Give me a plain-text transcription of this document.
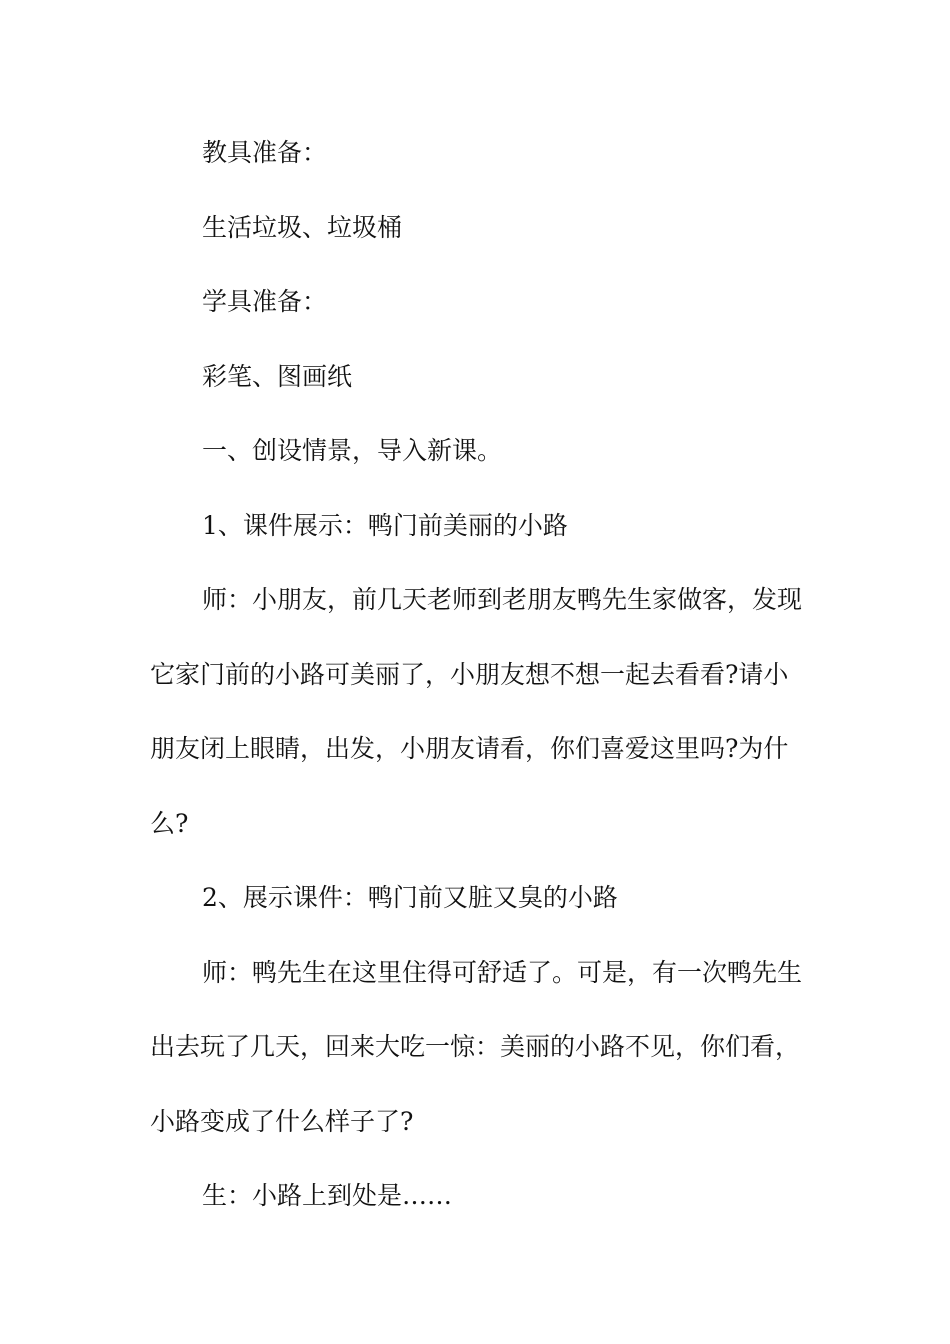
教具准备：

生活垃圾、垃圾桶

学具准备：

彩笔、图画纸

一、创设情景，导入新课。

1、课件展示：鸭门前美丽的小路

师：小朋友，前几天老师到老朋友鸭先生家做客，发现它家门前的小路可美丽了，小朋友想不想一起去看看?请小朋友闭上眼睛，出发，小朋友请看，你们喜爱这里吗?为什么?

2、展示课件：鸭门前又脏又臭的小路

师：鸭先生在这里住得可舒适了。可是，有一次鸭先生出去玩了几天，回来大吃一惊：美丽的小路不见，你们看，小路变成了什么样子了?

生：小路上到处是……
